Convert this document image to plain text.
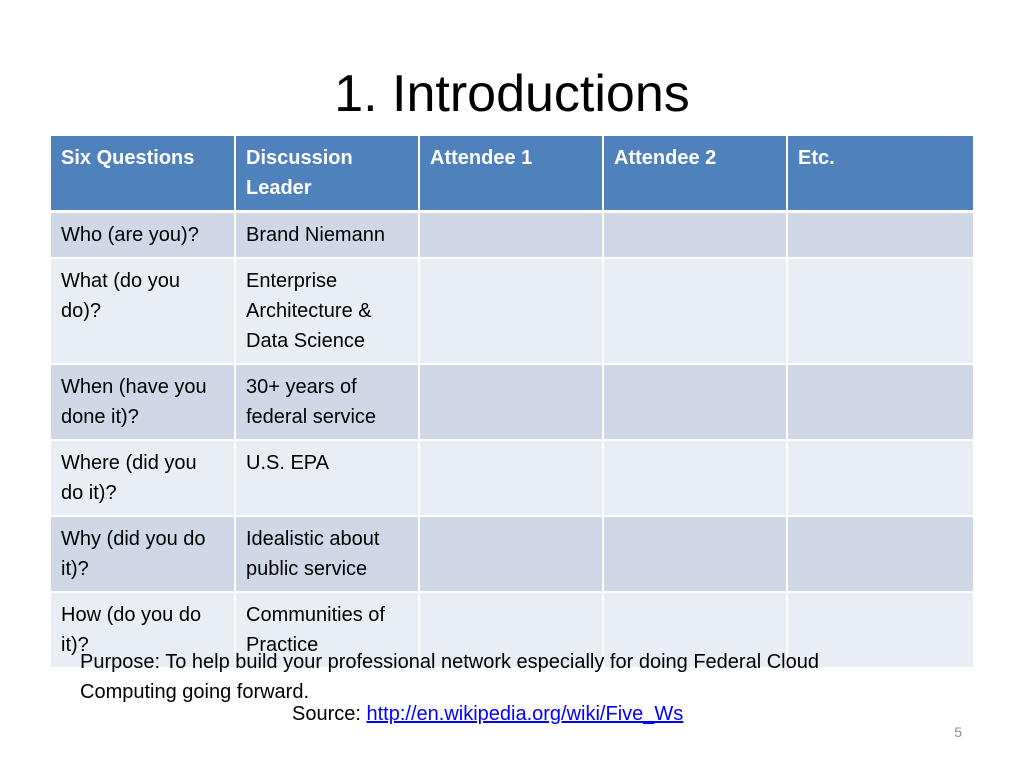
1. Introductions
Six Questions	Discussion Leader	Attendee 1	Attendee 2	Etc.
Who (are you)?	Brand Niemann			
What (do you do)?	Enterprise Architecture & Data Science			
When (have you done it)?	30+ years of federal service			
Where (did you do it)?	U.S. EPA			
Why (did you do it)?	Idealistic about public service			
How (do you do it)?	Communities of Practice			

Purpose: To help build your professional network especially for doing Federal Cloud Computing going forward.

Source: http://en.wikipedia.org/wiki/Five_Ws

5
